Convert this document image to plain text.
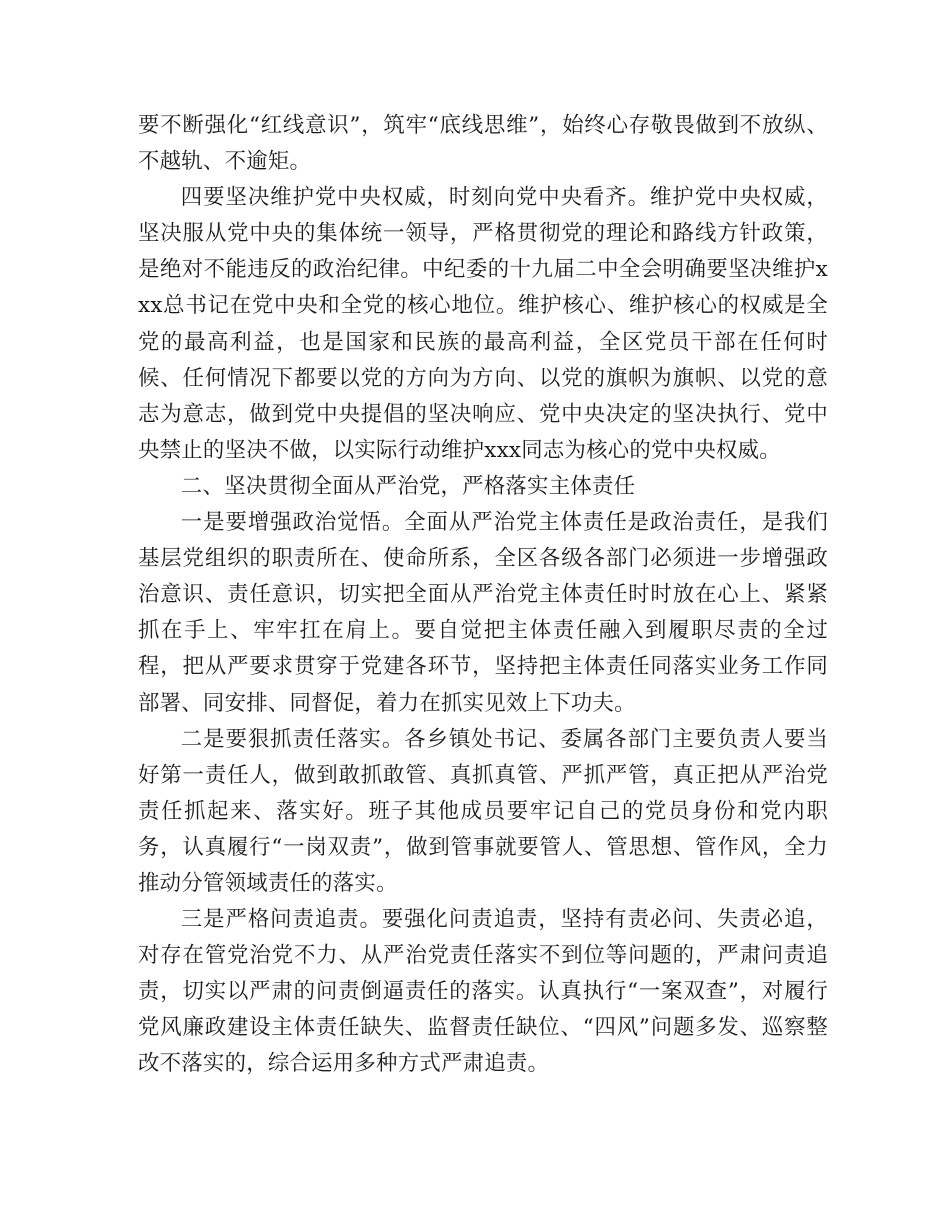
要不断强化“红线意识”，筑牢“底线思维”，始终心存敬畏做到不放纵、不越轨、不逾矩。

四要坚决维护党中央权威，时刻向党中央看齐。维护党中央权威，坚决服从党中央的集体统一领导，严格贯彻党的理论和路线方针政策，是绝对不能违反的政治纪律。中纪委的十九届二中全会明确要坚决维护xxx总书记在党中央和全党的核心地位。维护核心、维护核心的权威是全党的最高利益，也是国家和民族的最高利益，全区党员干部在任何时候、任何情况下都要以党的方向为方向、以党的旗帜为旗帜、以党的意志为意志，做到党中央提倡的坚决响应、党中央决定的坚决执行、党中央禁止的坚决不做，以实际行动维护xxx同志为核心的党中央权威。

二、坚决贯彻全面从严治党，严格落实主体责任

一是要增强政治觉悟。全面从严治党主体责任是政治责任，是我们基层党组织的职责所在、使命所系，全区各级各部门必须进一步增强政治意识、责任意识，切实把全面从严治党主体责任时时放在心上、紧紧抓在手上、牢牢扛在肩上。要自觉把主体责任融入到履职尽责的全过程，把从严要求贯穿于党建各环节，坚持把主体责任同落实业务工作同部署、同安排、同督促，着力在抓实见效上下功夫。

二是要狠抓责任落实。各乡镇处书记、委属各部门主要负责人要当好第一责任人，做到敢抓敢管、真抓真管、严抓严管，真正把从严治党责任抓起来、落实好。班子其他成员要牢记自己的党员身份和党内职务，认真履行“一岗双责”，做到管事就要管人、管思想、管作风，全力推动分管领域责任的落实。

三是严格问责追责。要强化问责追责，坚持有责必问、失责必追，对存在管党治党不力、从严治党责任落实不到位等问题的，严肃问责追责，切实以严肃的问责倒逼责任的落实。认真执行“一案双查”，对履行党风廉政建设主体责任缺失、监督责任缺位、“四风”问题多发、巡察整改不落实的，综合运用多种方式严肃追责。
